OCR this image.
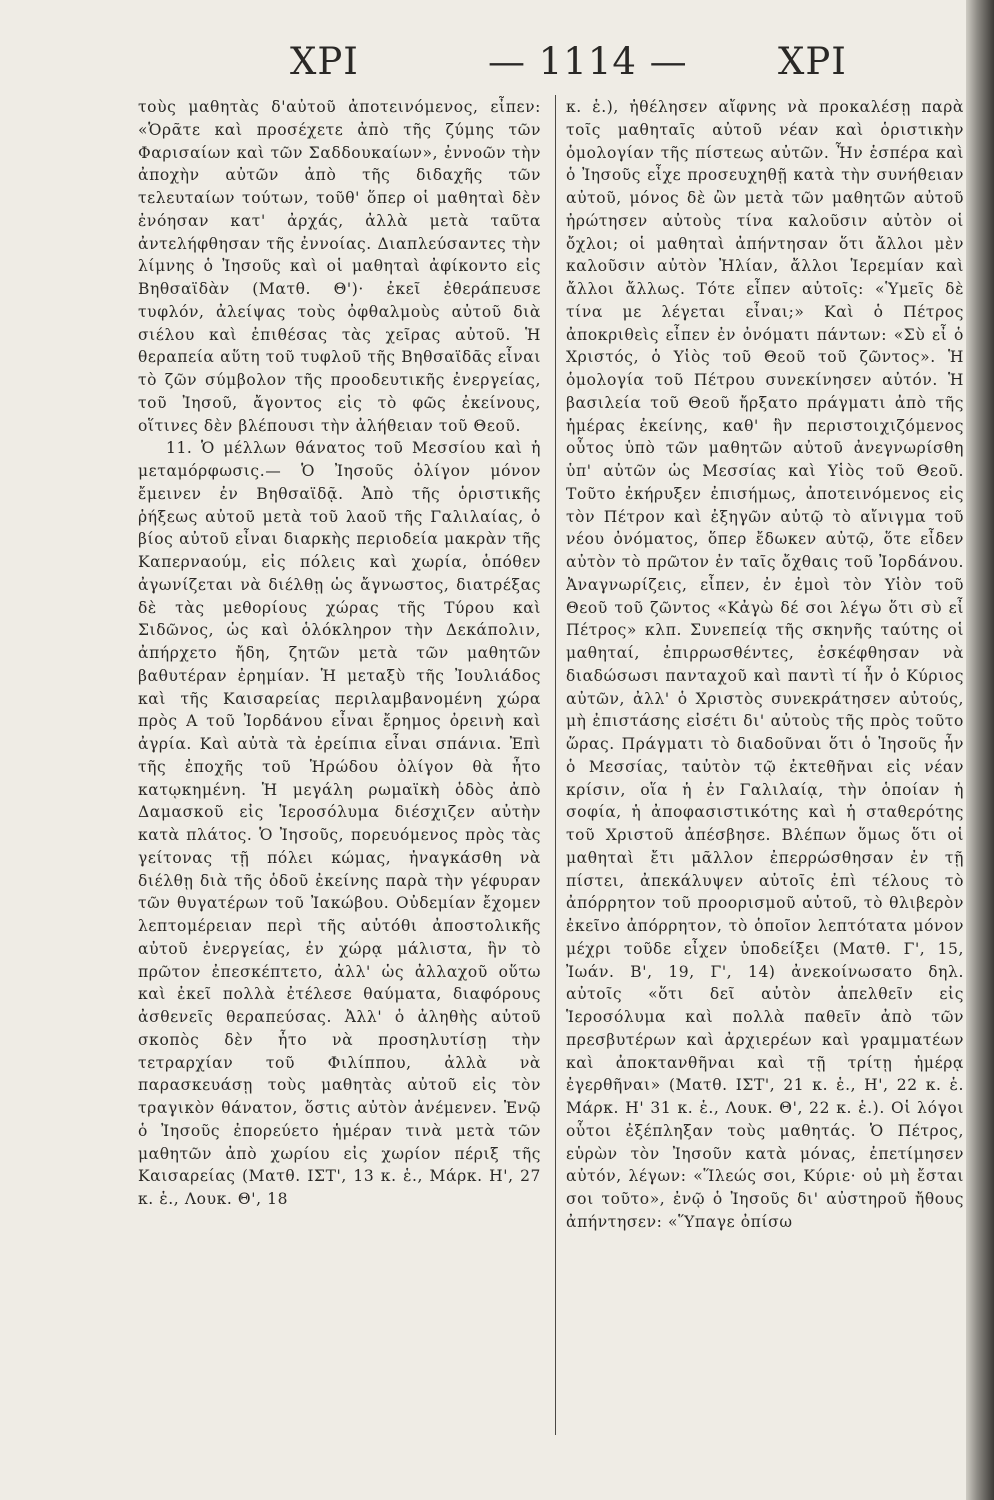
ΧΡΙ	— 1114 — ΧΡΙ

τοὺς μαθητὰς δ'αὐτοῦ ἀποτεινόμενος, εἶπεν: «Ὁρᾶτε καὶ προσέχετε ἀπὸ τῆς ζύμης τῶν Φαρισαίων καὶ τῶν Σαδδουκαίων», ἐννοῶν τὴν ἀποχὴν αὐτῶν ἀπὸ τῆς διδαχῆς τῶν τελευταίων τούτων, τοῦθ' ὅπερ οἱ μαθηταὶ δὲν ἐνόησαν κατ' ἀρχάς, ἀλλὰ μετὰ ταῦτα ἀντελήφθησαν τῆς ἐννοίας. Διαπλεύσαντες τὴν λίμνης ὁ Ἰησοῦς καὶ οἱ μαθηταὶ ἀφίκοντο εἰς Βηθσαϊδὰν (Ματθ. Θ')· ἐκεῖ ἐθεράπευσε τυφλόν, ἀλείψας τοὺς ὀφθαλμοὺς αὐτοῦ διὰ σιέλου καὶ ἐπιθέσας τὰς χεῖρας αὐτοῦ. Ἡ θεραπεία αὕτη τοῦ τυφλοῦ τῆς Βηθσαϊδᾶς εἶναι τὸ ζῶν σύμβολον τῆς προοδευτικῆς ἐνεργείας, τοῦ Ἰησοῦ, ἄγοντος εἰς τὸ φῶς ἐκείνους, οἵτινες δὲν βλέπουσι τὴν ἀλήθειαν τοῦ Θεοῦ.

11. Ὁ μέλλων θάνατος τοῦ Μεσσίου καὶ ἡ μεταμόρφωσις.— Ὁ Ἰησοῦς ὀλίγον μόνον ἔμεινεν ἐν Βηθσαϊδᾷ. Ἀπὸ τῆς ὁριστικῆς ῥήξεως αὐτοῦ μετὰ τοῦ λαοῦ τῆς Γαλιλαίας, ὁ βίος αὐτοῦ εἶναι διαρκὴς περιοδεία μακρὰν τῆς Καπερναούμ, εἰς πόλεις καὶ χωρία, ὁπόθεν ἀγωνίζεται νὰ διέλθῃ ὡς ἄγνωστος, διατρέξας δὲ τὰς μεθορίους χώρας τῆς Τύρου καὶ Σιδῶνος, ὡς καὶ ὁλόκληρον τὴν Δεκάπολιν, ἀπήρχετο ἤδη, ζητῶν μετὰ τῶν μαθητῶν βαθυτέραν ἐρημίαν. Ἡ μεταξὺ τῆς Ἰουλιάδος καὶ τῆς Καισαρείας περιλαμβανομένη χώρα πρὸς Α τοῦ Ἰορδάνου εἶναι ἔρημος ὀρεινὴ καὶ ἀγρία. Καὶ αὐτὰ τὰ ἐρείπια εἶναι σπάνια. Ἐπὶ τῆς ἐποχῆς τοῦ Ἡρώδου ὀλίγον θὰ ἦτο κατῳκημένη. Ἡ μεγάλη ρωμαϊκὴ ὁδὸς ἀπὸ Δαμασκοῦ εἰς Ἱεροσόλυμα διέσχιζεν αὐτὴν κατὰ πλάτος. Ὁ Ἰησοῦς, πορευόμενος πρὸς τὰς γείτονας τῇ πόλει κώμας, ἠναγκάσθη νὰ διέλθῃ διὰ τῆς ὁδοῦ ἐκείνης παρὰ τὴν γέφυραν τῶν θυγατέρων τοῦ Ἰακώβου. Οὐδεμίαν ἔχομεν λεπτομέρειαν περὶ τῆς αὐτόθι ἀποστολικῆς αὐτοῦ ἐνεργείας, ἐν χώρᾳ μάλιστα, ἣν τὸ πρῶτον ἐπεσκέπτετο, ἀλλ' ὡς ἀλλαχοῦ οὕτω καὶ ἐκεῖ πολλὰ ἐτέλεσε θαύματα, διαφόρους ἀσθενεῖς θεραπεύσας. Ἀλλ' ὁ ἀληθὴς αὐτοῦ σκοπὸς δὲν ἦτο νὰ προσηλυτίσῃ τὴν τετραρχίαν τοῦ Φιλίππου, ἀλλὰ νὰ παρασκευάσῃ τοὺς μαθητὰς αὐτοῦ εἰς τὸν τραγικὸν θάνατον, ὅστις αὐτὸν ἀνέμενεν. Ἐνῷ ὁ Ἰησοῦς ἐπορεύετο ἡμέραν τινὰ μετὰ τῶν μαθητῶν ἀπὸ χωρίου εἰς χωρίον πέριξ τῆς Καισαρείας (Ματθ. ΙΣΤ', 13 κ. ἑ., Μάρκ. Η', 27 κ. ἑ., Λουκ. Θ', 18

κ. ἑ.), ἠθέλησεν αἴφνης νὰ προκαλέσῃ παρὰ τοῖς μαθηταῖς αὐτοῦ νέαν καὶ ὁριστικὴν ὁμολογίαν τῆς πίστεως αὐτῶν. Ἦν ἑσπέρα καὶ ὁ Ἰησοῦς εἶχε προσευχηθῇ κατὰ τὴν συνήθειαν αὐτοῦ, μόνος δὲ ὢν μετὰ τῶν μαθητῶν αὐτοῦ ἠρώτησεν αὐτοὺς τίνα καλοῦσιν αὐτὸν οἱ ὄχλοι; οἱ μαθηταὶ ἀπήντησαν ὅτι ἄλλοι μὲν καλοῦσιν αὐτὸν Ἠλίαν, ἄλλοι Ἱερεμίαν καὶ ἄλλοι ἄλλως. Τότε εἶπεν αὐτοῖς: «Ὑμεῖς δὲ τίνα με λέγεται εἶναι;» Καὶ ὁ Πέτρος ἀποκριθεὶς εἶπεν ἐν ὀνόματι πάντων: «Σὺ εἶ ὁ Χριστός, ὁ Υἱὸς τοῦ Θεοῦ τοῦ ζῶντος». Ἡ ὁμολογία τοῦ Πέτρου συνεκίνησεν αὐτόν. Ἡ βασιλεία τοῦ Θεοῦ ἤρξατο πράγματι ἀπὸ τῆς ἡμέρας ἐκείνης, καθ' ἣν περιστοιχιζόμενος οὗτος ὑπὸ τῶν μαθητῶν αὐτοῦ ἀνεγνωρίσθη ὑπ' αὐτῶν ὡς Μεσσίας καὶ Υἱὸς τοῦ Θεοῦ. Τοῦτο ἐκήρυξεν ἐπισήμως, ἀποτεινόμενος εἰς τὸν Πέτρον καὶ ἐξηγῶν αὐτῷ τὸ αἴνιγμα τοῦ νέου ὀνόματος, ὅπερ ἔδωκεν αὐτῷ, ὅτε εἶδεν αὐτὸν τὸ πρῶτον ἐν ταῖς ὄχθαις τοῦ Ἰορδάνου. Ἀναγνωρίζεις, εἶπεν, ἐν ἐμοὶ τὸν Υἱὸν τοῦ Θεοῦ τοῦ ζῶντος «Κἀγὼ δέ σοι λέγω ὅτι σὺ εἶ Πέτρος» κλπ. Συνεπείᾳ τῆς σκηνῆς ταύτης οἱ μαθηταί, ἐπιρρωσθέντες, ἐσκέφθησαν νὰ διαδώσωσι πανταχοῦ καὶ παντὶ τί ἦν ὁ Κύριος αὐτῶν, ἀλλ' ὁ Χριστὸς συνεκράτησεν αὐτούς, μὴ ἐπιστάσης εἰσέτι δι' αὐτοὺς τῆς πρὸς τοῦτο ὥρας. Πράγματι τὸ διαδοῦναι ὅτι ὁ Ἰησοῦς ἦν ὁ Μεσσίας, ταὐτὸν τῷ ἐκτεθῆναι εἰς νέαν κρίσιν, οἵα ἡ ἐν Γαλιλαίᾳ, τὴν ὁποίαν ἡ σοφία, ἡ ἀποφασιστικότης καὶ ἡ σταθερότης τοῦ Χριστοῦ ἀπέσβησε. Βλέπων ὅμως ὅτι οἱ μαθηταὶ ἔτι μᾶλλον ἐπερρώσθησαν ἐν τῇ πίστει, ἀπεκάλυψεν αὐτοῖς ἐπὶ τέλους τὸ ἀπόρρητον τοῦ προορισμοῦ αὐτοῦ, τὸ θλιβερὸν ἐκεῖνο ἀπόρρητον, τὸ ὁποῖον λεπτότατα μόνον μέχρι τοῦδε εἶχεν ὑποδείξει (Ματθ. Γ', 15, Ἰωάν. Β', 19, Γ', 14) ἀνεκοίνωσατο δηλ. αὐτοῖς «ὅτι δεῖ αὐτὸν ἀπελθεῖν εἰς Ἱεροσόλυμα καὶ πολλὰ παθεῖν ἀπὸ τῶν πρεσβυτέρων καὶ ἀρχιερέων καὶ γραμματέων καὶ ἀποκτανθῆναι καὶ τῇ τρίτῃ ἡμέρᾳ ἐγερθῆναι» (Ματθ. ΙΣΤ', 21 κ. ἑ., Η', 22 κ. ἑ. Μάρκ. Η' 31 κ. ἑ., Λουκ. Θ', 22 κ. ἑ.). Οἱ λόγοι οὗτοι ἐξέπληξαν τοὺς μαθητάς. Ὁ Πέτρος, εὑρὼν τὸν Ἰησοῦν κατὰ μόνας, ἐπετίμησεν αὐτόν, λέγων: «Ἵλεώς σοι, Κύριε· οὐ μὴ ἔσται σοι τοῦτο», ἐνῷ ὁ Ἰησοῦς δι' αὐστηροῦ ἤθους ἀπήντησεν: «Ὕπαγε ὀπίσω
